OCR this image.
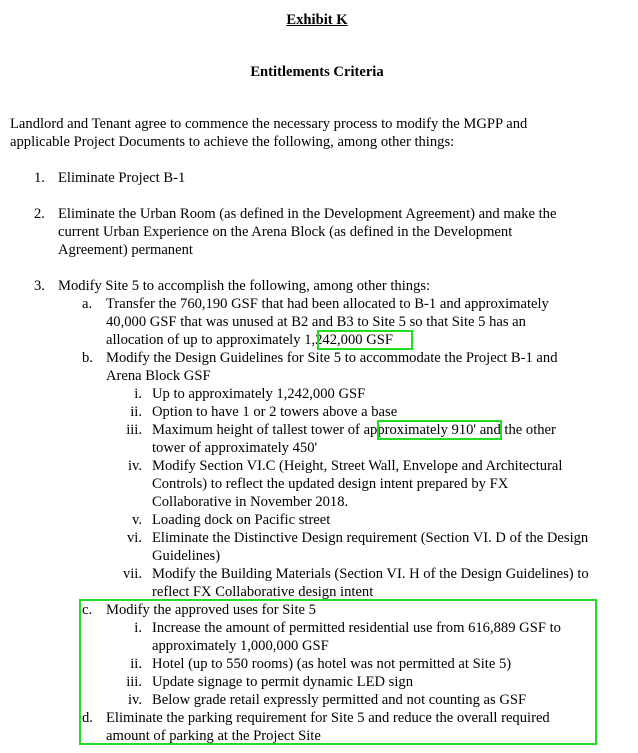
Exhibit K
Entitlements Criteria
Landlord and Tenant agree to commence the necessary process to modify the MGPP and
applicable Project Documents to achieve the following, among other things:
1. Eliminate Project B-1
2. Eliminate the Urban Room (as defined in the Development Agreement) and make the
current Urban Experience on the Arena Block (as defined in the Development
Agreement) permanent
3. Modify Site 5 to accomplish the following, among other things:
a. Transfer the 760,190 GSF that had been allocated to B-1 and approximately
40,000 GSF that was unused at B2 and B3 to Site 5 so that Site 5 has an
allocation of up to approximately 1,242,000 GSF
b. Modify the Design Guidelines for Site 5 to accommodate the Project B-1 and
Arena Block GSF
i. Up to approximately 1,242,000 GSF
ii. Option to have 1 or 2 towers above a base
iii. Maximum height of tallest tower of approximately 910' and the other
tower of approximately 450'
iv. Modify Section VI.C (Height, Street Wall, Envelope and Architectural
Controls) to reflect the updated design intent prepared by FX
Collaborative in November 2018.
v. Loading dock on Pacific street
vi. Eliminate the Distinctive Design requirement (Section VI. D of the Design
Guidelines)
vii. Modify the Building Materials (Section VI. H of the Design Guidelines) to
reflect FX Collaborative design intent
c. Modify the approved uses for Site 5
i. Increase the amount of permitted residential use from 616,889 GSF to
approximately 1,000,000 GSF
ii. Hotel (up to 550 rooms) (as hotel was not permitted at Site 5)
iii. Update signage to permit dynamic LED sign
iv. Below grade retail expressly permitted and not counting as GSF
d. Eliminate the parking requirement for Site 5 and reduce the overall required
amount of parking at the Project Site
